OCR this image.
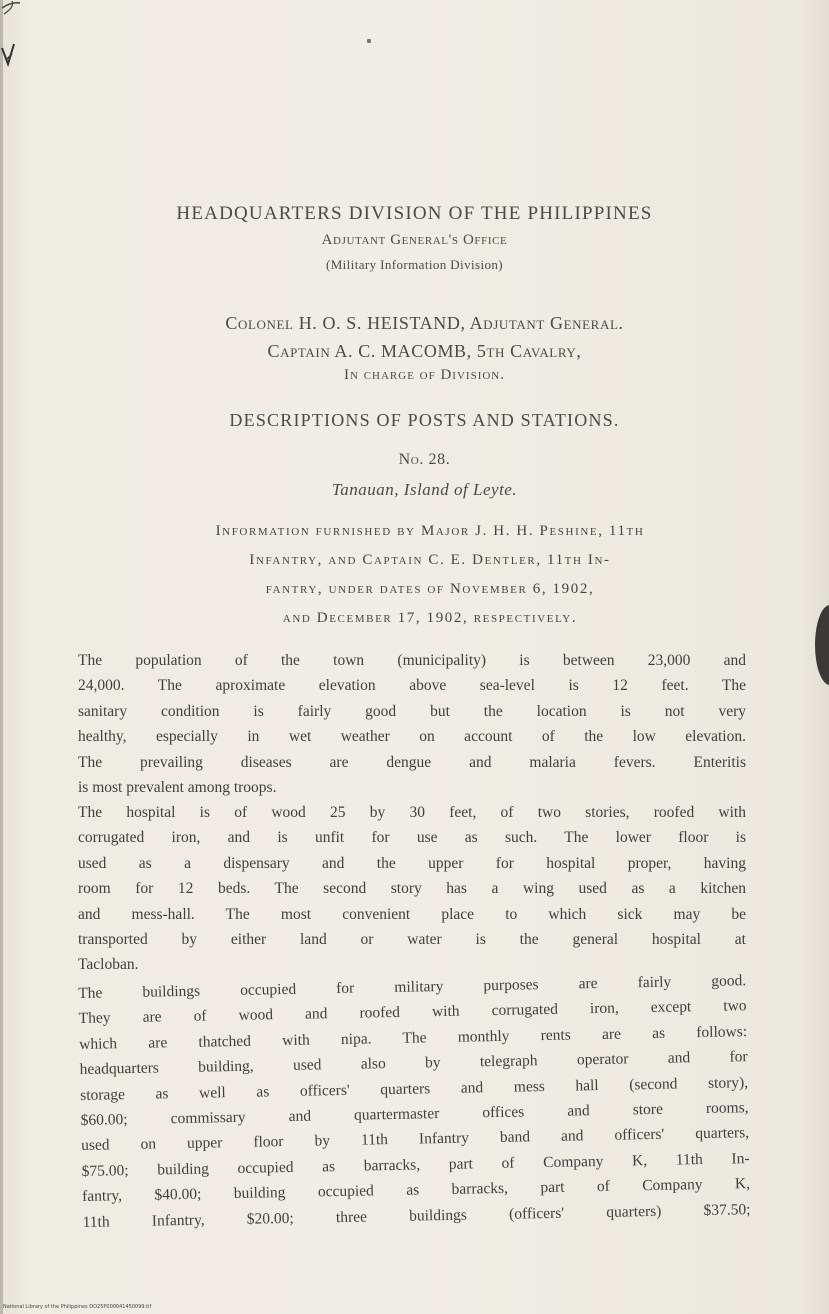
HEADQUARTERS DIVISION OF THE PHILIPPINES
Adjutant General's Office
(Military Information Division)
Colonel H. O. S. HEISTAND, Adjutant General.
Captain A. C. MACOMB, 5th Cavalry,
In charge of Division.
DESCRIPTIONS OF POSTS AND STATIONS.
No. 28.
Tanauan, Island of Leyte.
Information furnished by Major J. H. H. Peshine, 11th
Infantry, and Captain C. E. Dentler, 11th In-
fantry, under dates of November 6, 1902,
and December 17, 1902, respectively.
The population of the town (municipality) is between 23,000 and
24,000. The aproximate elevation above sea-level is 12 feet. The
sanitary condition is fairly good but the location is not very
healthy, especially in wet weather on account of the low elevation.
The prevailing diseases are dengue and malaria fevers. Enteritis
is most prevalent among troops.
The hospital is of wood 25 by 30 feet, of two stories, roofed with
corrugated iron, and is unfit for use as such. The lower floor is
used as a dispensary and the upper for hospital proper, having
room for 12 beds. The second story has a wing used as a kitchen
and mess-hall. The most convenient place to which sick may be
transported by either land or water is the general hospital at
Tacloban.
The buildings occupied for military purposes are fairly good.
They are of wood and roofed with corrugated iron, except two
which are thatched with nipa. The monthly rents are as follows:
headquarters building, used also by telegraph operator and for
storage as well as officers' quarters and mess hall (second story),
$60.00; commissary and quartermaster offices and store rooms,
used on upper floor by 11th Infantry band and officers' quarters,
$75.00; building occupied as barracks, part of Company K, 11th In-
fantry, $40.00; building occupied as barracks, part of Company K,
11th Infantry, $20.00; three buildings (officers' quarters) $37.50;
National Library of the Philippines DO25P000041450099.tif
